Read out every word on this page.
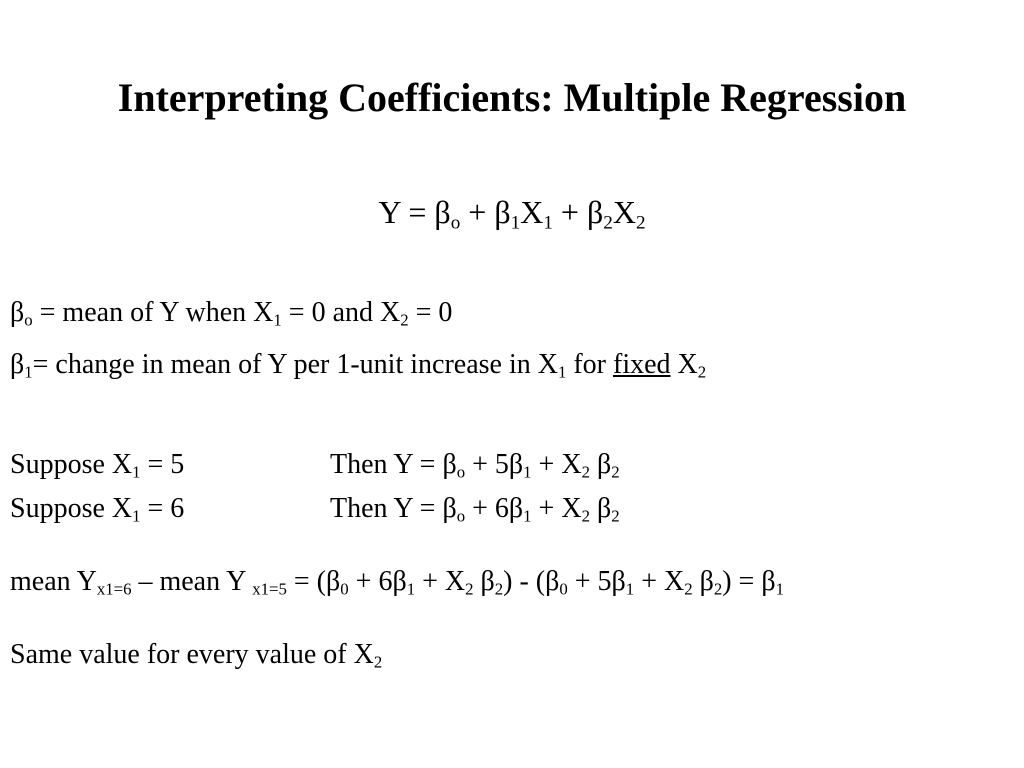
Interpreting Coefficients: Multiple Regression
$Y = \beta_o + \beta_1X_1 + \beta_2X_2$
$\beta_o$ = mean of Y when $X_1 = 0$ and $X_2 = 0$
$\beta_1=$ change in mean of Y per 1-unit increase in $X_1$ for fixed $X_2$
Suppose $X_1 = 5$	Then $Y = \beta_o + 5\beta_1 + X_2$ $\beta_2$
Suppose $X_1 = 6$	Then $Y = \beta_o + 6\beta_1 + X_2$ $\beta_2$
mean $Y_{x1=6}$ – mean Y $_{x1=5} = (\beta_0 + 6\beta_1 + X_2$ $\beta_2) - (\beta_0 + 5\beta_1 + X_2$ $\beta_2) = \beta_1$
Same value for every value of $X_2$
